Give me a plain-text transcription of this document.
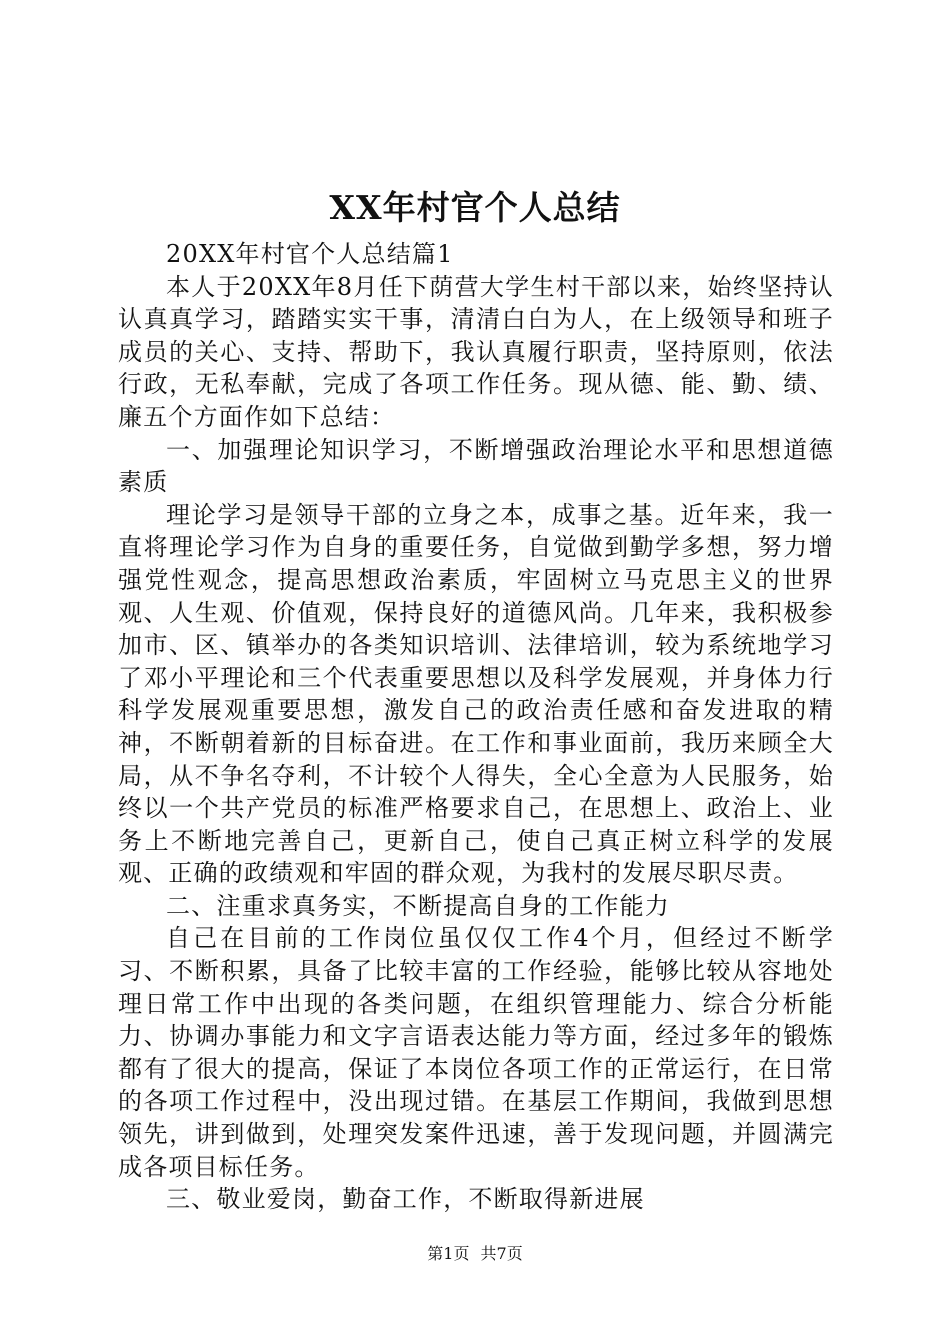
XX年村官个人总结

20XX年村官个人总结篇1

本人于20XX年8月任下荫营大学生村干部以来，始终坚持认认真真学习，踏踏实实干事，清清白白为人，在上级领导和班子成员的关心、支持、帮助下，我认真履行职责，坚持原则，依法行政，无私奉献，完成了各项工作任务。现从德、能、勤、绩、廉五个方面作如下总结：

一、加强理论知识学习，不断增强政治理论水平和思想道德素质

理论学习是领导干部的立身之本，成事之基。近年来，我一直将理论学习作为自身的重要任务，自觉做到勤学多想，努力增强党性观念，提高思想政治素质，牢固树立马克思主义的世界观、人生观、价值观，保持良好的道德风尚。几年来，我积极参加市、区、镇举办的各类知识培训、法律培训，较为系统地学习了邓小平理论和三个代表重要思想以及科学发展观，并身体力行科学发展观重要思想，激发自己的政治责任感和奋发进取的精神，不断朝着新的目标奋进。在工作和事业面前，我历来顾全大局，从不争名夺利，不计较个人得失，全心全意为人民服务，始终以一个共产党员的标准严格要求自己，在思想上、政治上、业务上不断地完善自己，更新自己，使自己真正树立科学的发展观、正确的政绩观和牢固的群众观，为我村的发展尽职尽责。

二、注重求真务实，不断提高自身的工作能力

自己在目前的工作岗位虽仅仅工作4个月，但经过不断学习、不断积累，具备了比较丰富的工作经验，能够比较从容地处理日常工作中出现的各类问题，在组织管理能力、综合分析能力、协调办事能力和文字言语表达能力等方面，经过多年的锻炼都有了很大的提高，保证了本岗位各项工作的正常运行，在日常的各项工作过程中，没出现过错。在基层工作期间，我做到思想领先，讲到做到，处理突发案件迅速，善于发现问题，并圆满完成各项目标任务。

三、敬业爱岗，勤奋工作，不断取得新进展

第1页 共7页
